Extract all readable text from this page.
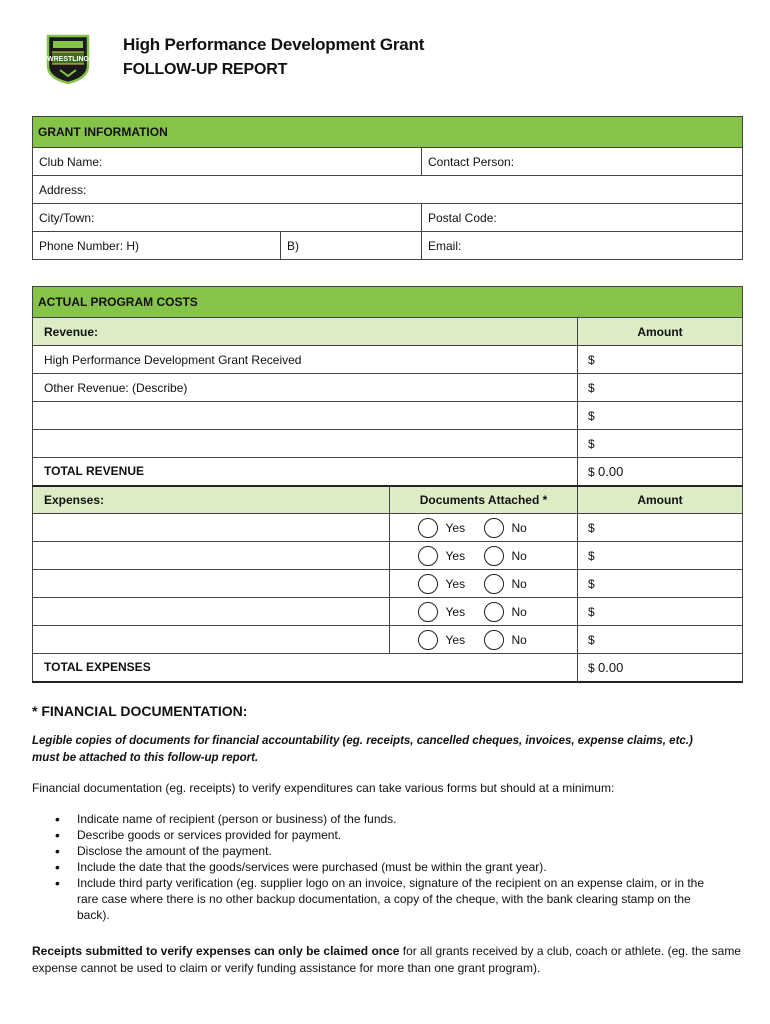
WRESTLING
High Performance Development Grant
FOLLOW-UP REPORT
GRANT INFORMATION		
Club Name:		Contact Person:
Address:		
City/Town:		Postal Code:
Phone Number: H)	B)	Email:
ACTUAL PROGRAM COSTS		
Revenue:		Amount
High Performance Development Grant Received		$
Other Revenue: (Describe)		$
		$
		$
TOTAL REVENUE		$ 0.00
Expenses:	Documents Attached *	Amount

	Yes No	$

	Yes No	$

	Yes No	$

	Yes No	$

	Yes No	$
TOTAL EXPENSES		$ 0.00
* FINANCIAL DOCUMENTATION:
Legible copies of documents for financial accountability (eg. receipts, cancelled cheques, invoices, expense claims, etc.) must be attached to this follow-up report.
Financial documentation (eg. receipts) to verify expenditures can take various forms but should at a minimum:
• Indicate name of recipient (person or business) of the funds.
• Describe goods or services provided for payment.
• Disclose the amount of the payment.
• Include the date that the goods/services were purchased (must be within the grant year).
• Include third party verification (eg. supplier logo on an invoice, signature of the recipient on an expense claim, or in the rare case where there is no other backup documentation, a copy of the cheque, with the bank clearing stamp on the back).
Receipts submitted to verify expenses can only be claimed once for all grants received by a club, coach or athlete. (eg. the same expense cannot be used to claim or verify funding assistance for more than one grant program).
